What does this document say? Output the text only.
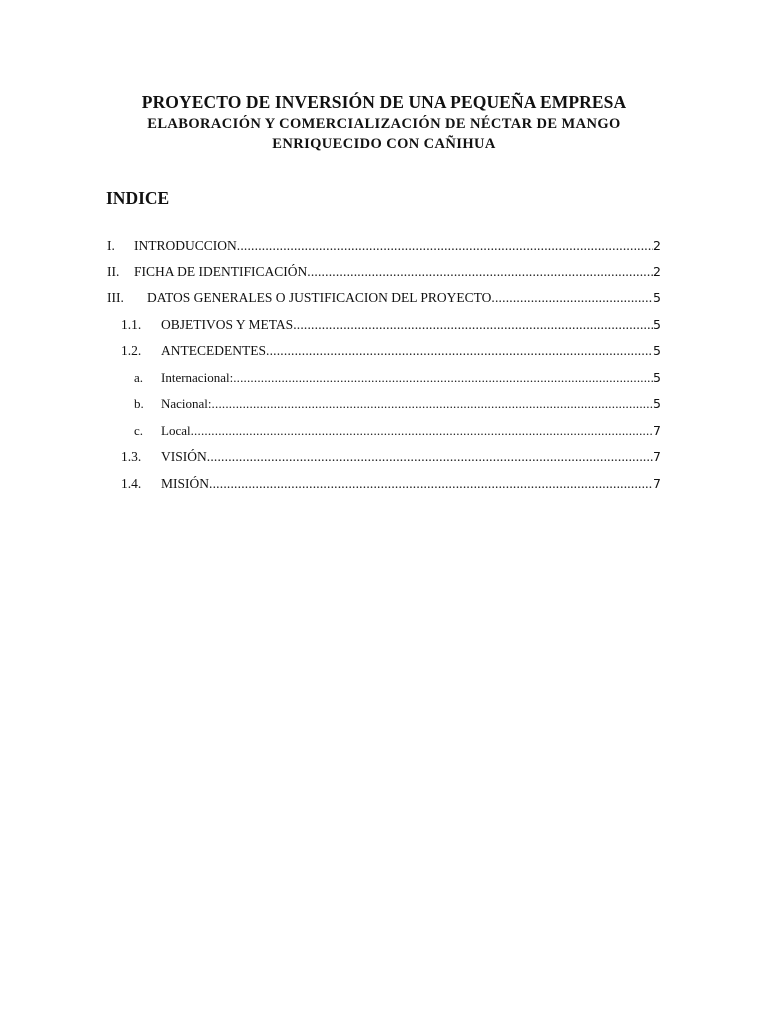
PROYECTO DE INVERSIÓN DE UNA PEQUEÑA EMPRESA
ELABORACIÓN Y COMERCIALIZACIÓN DE NÉCTAR DE MANGO
ENRIQUECIDO CON CAÑIHUA
INDICE
I.	INTRODUCCION .....	2
II.	FICHA DE IDENTIFICACIÓN .....	2
III.	DATOS GENERALES O JUSTIFICACION DEL PROYECTO .....	5
1.1.	OBJETIVOS Y METAS .....	5
1.2.	ANTECEDENTES .....	5
a.	Internacional: .....	5
b.	Nacional: .....	5
c.	Local .....	7
1.3.	VISIÓN .....	7
1.4.	MISIÓN .....	7
